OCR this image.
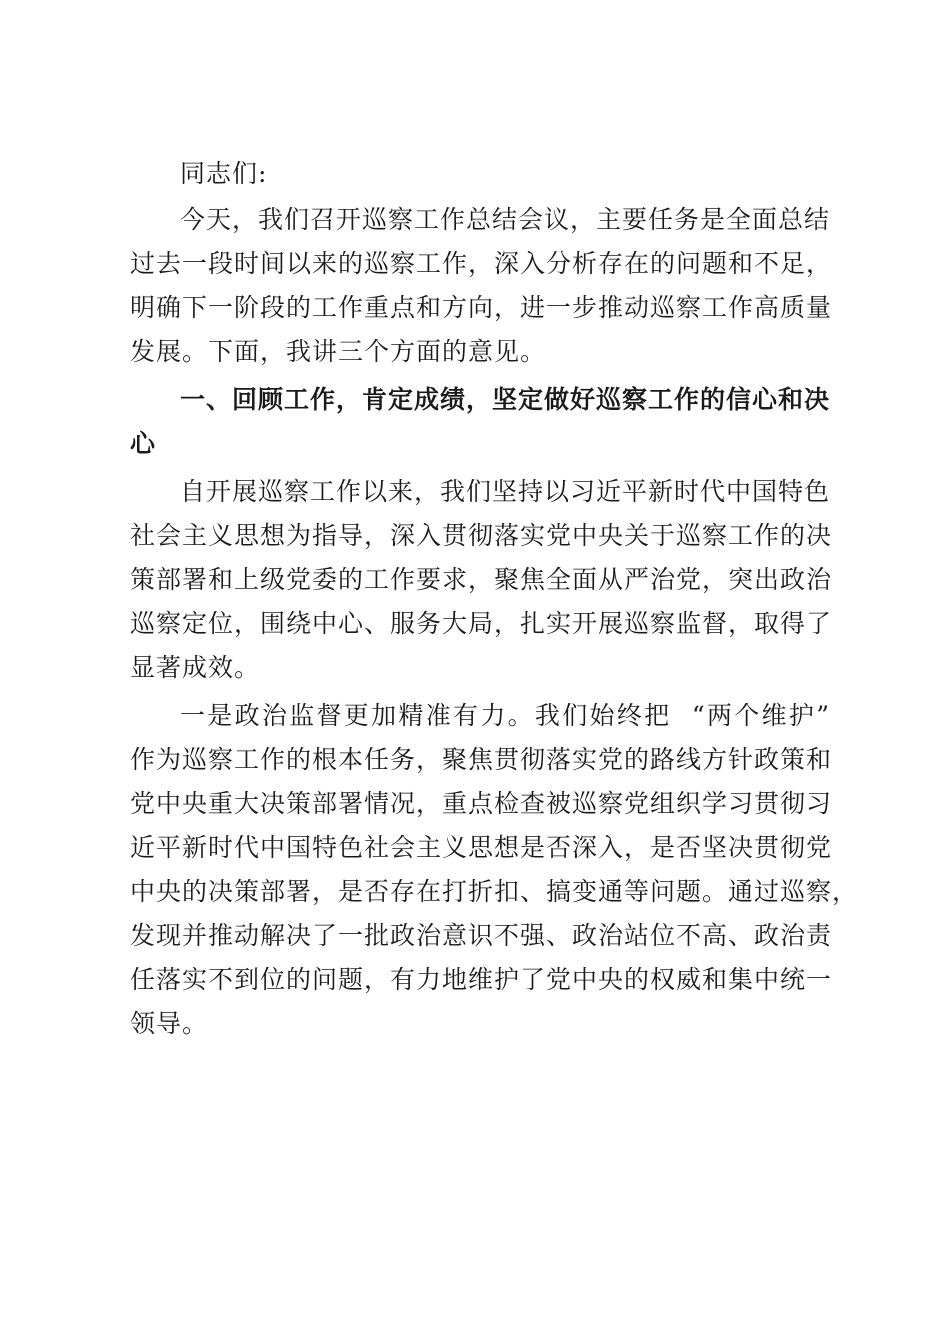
同志们:
今天，我们召开巡察工作总结会议，主要任务是全面总结
过去一段时间以来的巡察工作，深入分析存在的问题和不足，
明确下一阶段的工作重点和方向，进一步推动巡察工作高质量
发展。下面，我讲三个方面的意见。
一、回顾工作，肯定成绩，坚定做好巡察工作的信心和决
心
自开展巡察工作以来，我们坚持以习近平新时代中国特色
社会主义思想为指导，深入贯彻落实党中央关于巡察工作的决
策部署和上级党委的工作要求，聚焦全面从严治党，突出政治
巡察定位，围绕中心、服务大局，扎实开展巡察监督，取得了
显著成效。
一是政治监督更加精准有力。我们始终把  “两个维护”
作为巡察工作的根本任务，聚焦贯彻落实党的路线方针政策和
党中央重大决策部署情况，重点检查被巡察党组织学习贯彻习
近平新时代中国特色社会主义思想是否深入，是否坚决贯彻党
中央的决策部署，是否存在打折扣、搞变通等问题。通过巡察，
发现并推动解决了一批政治意识不强、政治站位不高、政治责
任落实不到位的问题，有力地维护了党中央的权威和集中统一
领导。
